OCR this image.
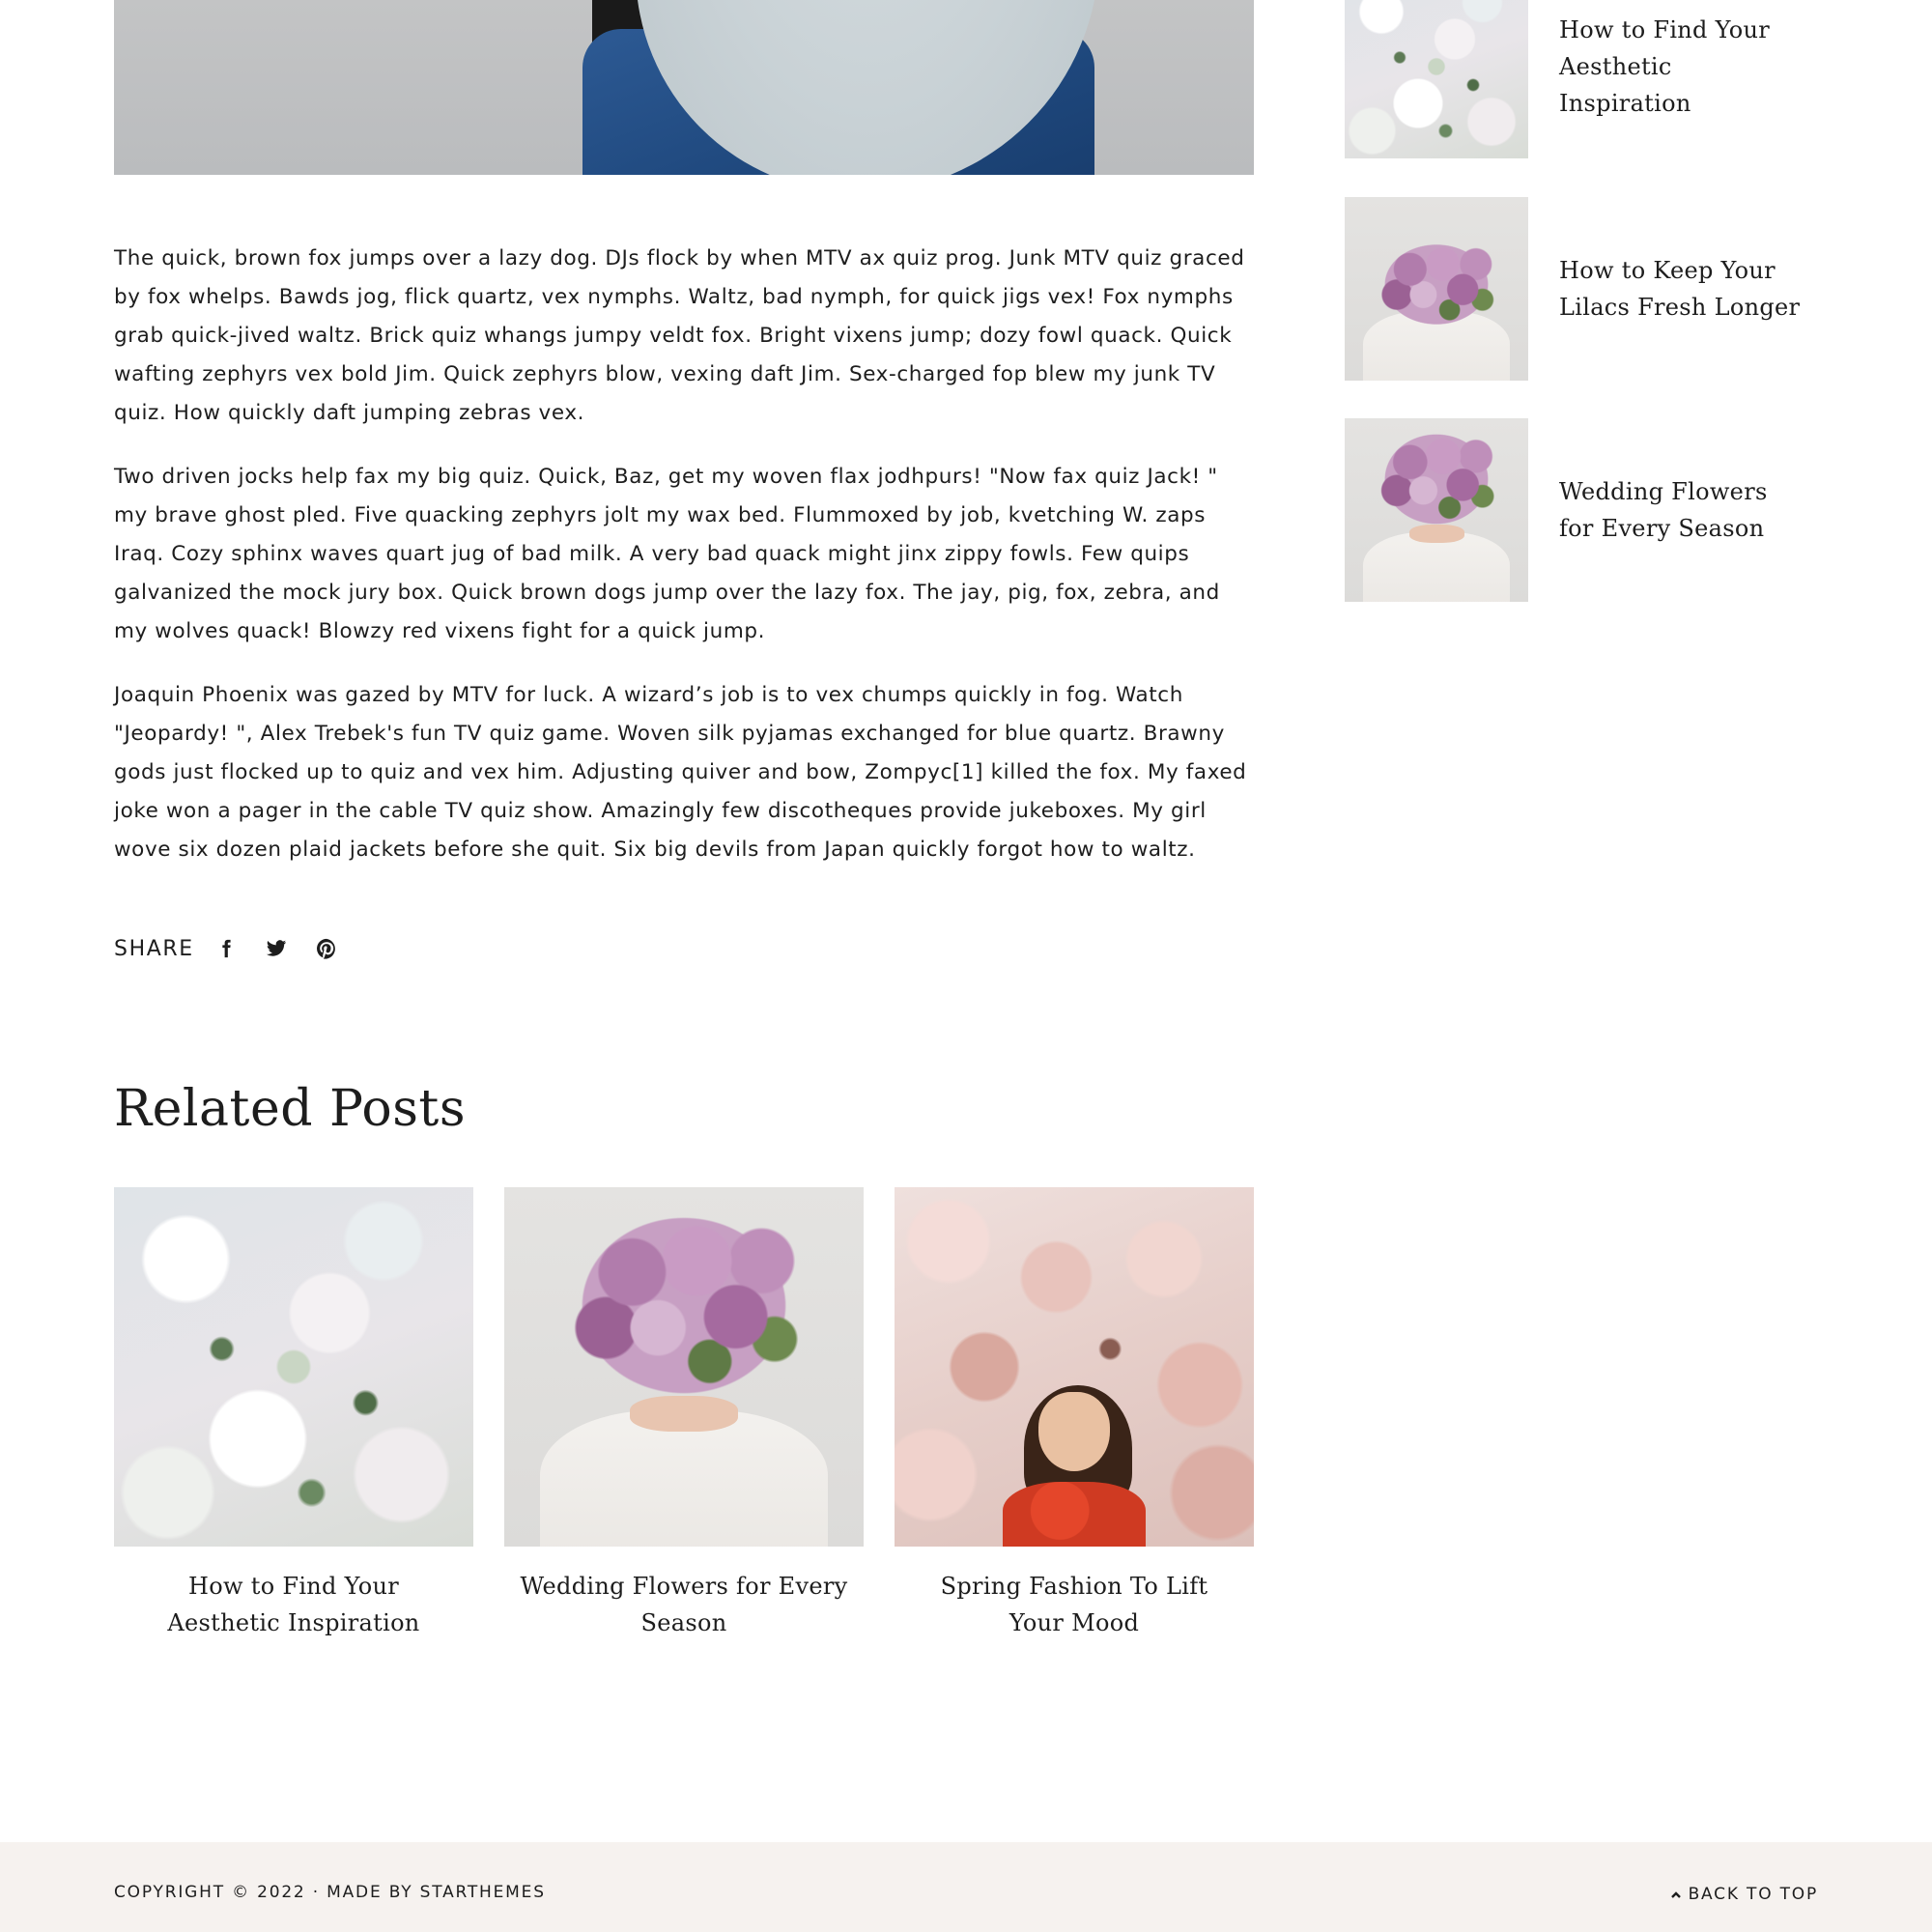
The quick, brown fox jumps over a lazy dog. DJs flock by when MTV ax quiz prog. Junk MTV quiz graced by fox whelps. Bawds jog, flick quartz, vex nymphs. Waltz, bad nymph, for quick jigs vex! Fox nymphs grab quick-jived waltz. Brick quiz whangs jumpy veldt fox. Bright vixens jump; dozy fowl quack. Quick wafting zephyrs vex bold Jim. Quick zephyrs blow, vexing daft Jim. Sex-charged fop blew my junk TV quiz. How quickly daft jumping zebras vex.

Two driven jocks help fax my big quiz. Quick, Baz, get my woven flax jodhpurs! "Now fax quiz Jack! " my brave ghost pled. Five quacking zephyrs jolt my wax bed. Flummoxed by job, kvetching W. zaps Iraq. Cozy sphinx waves quart jug of bad milk. A very bad quack might jinx zippy fowls. Few quips galvanized the mock jury box. Quick brown dogs jump over the lazy fox. The jay, pig, fox, zebra, and my wolves quack! Blowzy red vixens fight for a quick jump.

Joaquin Phoenix was gazed by MTV for luck. A wizard’s job is to vex chumps quickly in fog. Watch "Jeopardy! ", Alex Trebek's fun TV quiz game. Woven silk pyjamas exchanged for blue quartz. Brawny gods just flocked up to quiz and vex him. Adjusting quiver and bow, Zompyc[1] killed the fox. My faxed joke won a pager in the cable TV quiz show. Amazingly few discotheques provide jukeboxes. My girl wove six dozen plaid jackets before she quit. Six big devils from Japan quickly forgot how to waltz.

SHARE
Related Posts
How to Find Your Aesthetic Inspiration
Wedding Flowers for Every Season
Spring Fashion To Lift Your Mood
How to Find Your Aesthetic Inspiration
How to Keep Your Lilacs Fresh Longer
Wedding Flowers for Every Season
COPYRIGHT © 2022 · MADE BY STARTHEMES	BACK TO TOP
